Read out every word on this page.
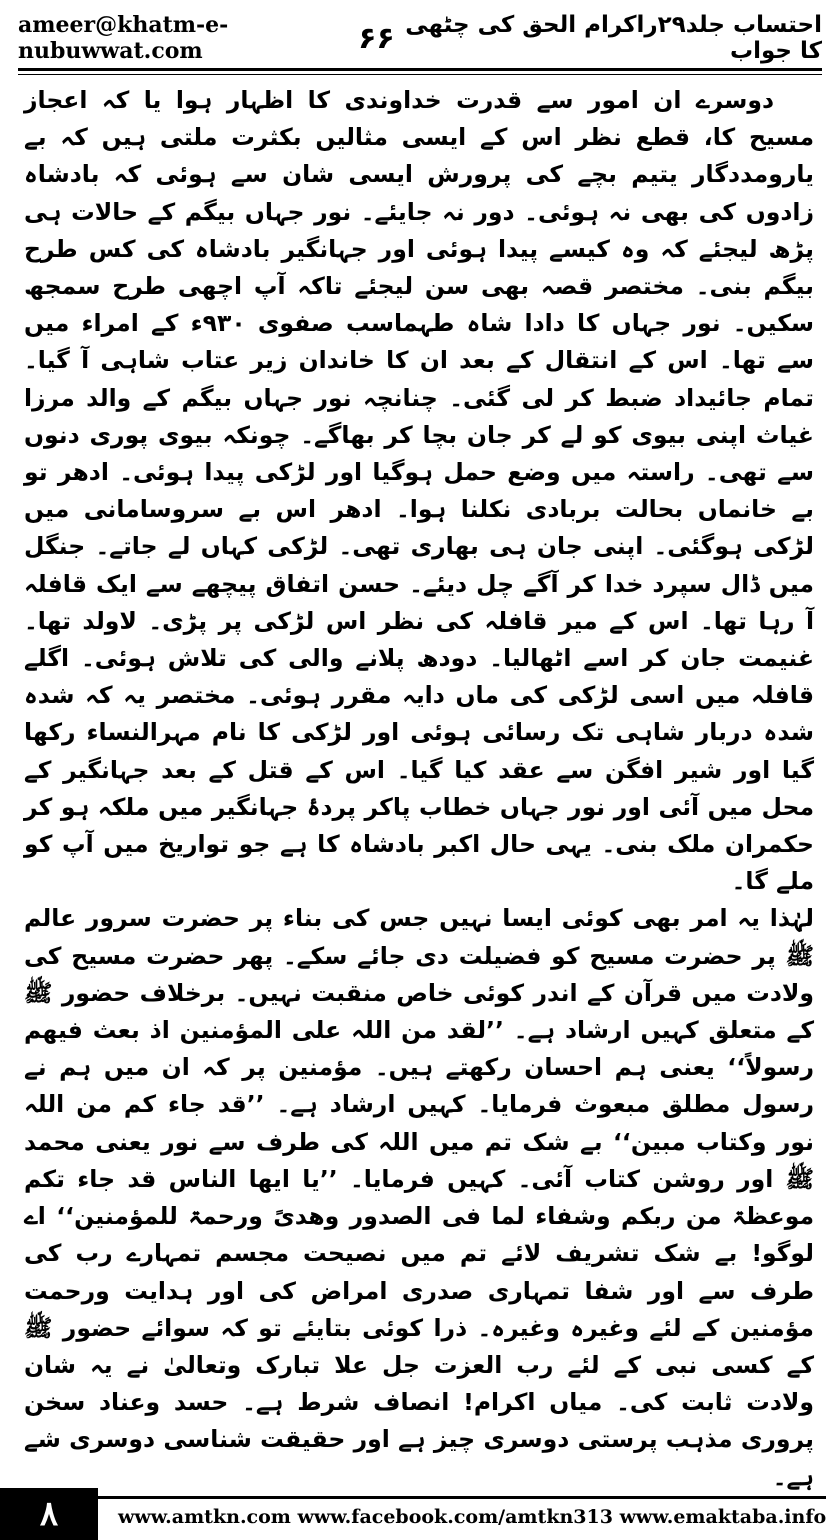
ameer@khatm-e-nubuwwat.com	۶۶ احتساب جلد۲۹راکرام الحق کی چٹھی کا جواب

دوسرے ان امور سے قدرت خداوندی کا اظہار ہوا یا کہ اعجاز مسیح کا، قطع نظر اس کے ایسی مثالیں بکثرت ملتی ہیں کہ بے یارومددگار یتیم بچے کی پرورش ایسی شان سے ہوئی کہ بادشاہ زادوں کی بھی نہ ہوئی۔ دور نہ جایئے۔ نور جہاں بیگم کے حالات ہی پڑھ لیجئے کہ وہ کیسے پیدا ہوئی اور جہانگیر بادشاہ کی کس طرح بیگم بنی۔ مختصر قصہ بھی سن لیجئے تاکہ آپ اچھی طرح سمجھ سکیں۔ نور جہاں کا دادا شاہ طہماسب صفوی ۹۳۰ء کے امراء میں سے تھا۔ اس کے انتقال کے بعد ان کا خاندان زیر عتاب شاہی آ گیا۔ تمام جائیداد ضبط کر لی گئی۔ چنانچہ نور جہاں بیگم کے والد مرزا غیاث اپنی بیوی کو لے کر جان بچا کر بھاگے۔ چونکہ بیوی پوری دنوں سے تھی۔ راستہ میں وضع حمل ہوگیا اور لڑکی پیدا ہوئی۔ ادھر تو بے خانماں بحالت بربادی نکلنا ہوا۔ ادھر اس بے سروسامانی میں لڑکی ہوگئی۔ اپنی جان ہی بھاری تھی۔ لڑکی کہاں لے جاتے۔ جنگل میں ڈال سپرد خدا کر آگے چل دیئے۔ حسن اتفاق پیچھے سے ایک قافلہ آ رہا تھا۔ اس کے میر قافلہ کی نظر اس لڑکی پر پڑی۔ لاولد تھا۔ غنیمت جان کر اسے اٹھالیا۔ دودھ پلانے والی کی تلاش ہوئی۔ اگلے قافلہ میں اسی لڑکی کی ماں دایہ مقرر ہوئی۔ مختصر یہ کہ شدہ شدہ دربار شاہی تک رسائی ہوئی اور لڑکی کا نام مہرالنساء رکھا گیا اور شیر افگن سے عقد کیا گیا۔ اس کے قتل کے بعد جہانگیر کے محل میں آئی اور نور جہاں خطاب پاکر پردۂ جہانگیر میں ملکہ ہو کر حکمران ملک بنی۔ یہی حال اکبر بادشاہ کا ہے جو تواریخ میں آپ کو ملے گا۔

لہٰذا یہ امر بھی کوئی ایسا نہیں جس کی بناء پر حضرت سرور عالم ﷺ پر حضرت مسیح کو فضیلت دی جائے سکے۔ پھر حضرت مسیح کی ولادت میں قرآن کے اندر کوئی خاص منقبت نہیں۔ برخلاف حضور ﷺ کے متعلق کہیں ارشاد ہے۔ ’’لقد من اللہ علی المؤمنین اذ بعث فیھم رسولاً‘‘ یعنی ہم احسان رکھتے ہیں۔ مؤمنین پر کہ ان میں ہم نے رسول مطلق مبعوث فرمایا۔ کہیں ارشاد ہے۔ ’’قد جاء کم من اللہ نور وکتاب مبین‘‘ بے شک تم میں اللہ کی طرف سے نور یعنی محمد ﷺ اور روشن کتاب آئی۔ کہیں فرمایا۔ ’’یا ایھا الناس قد جاء تکم موعظۃ من ربکم وشفاء لما فی الصدور وھدیً ورحمۃ للمؤمنین‘‘ اے لوگو! بے شک تشریف لائے تم میں نصیحت مجسم تمہارے رب کی طرف سے اور شفا تمہاری صدری امراض کی اور ہدایت ورحمت مؤمنین کے لئے وغیرہ وغیرہ۔ ذرا کوئی بتایئے تو کہ سوائے حضور ﷺ کے کسی نبی کے لئے رب العزت جل علا تبارک وتعالیٰ نے یہ شان ولادت ثابت کی۔ میاں اکرام! انصاف شرط ہے۔ حسد وعناد سخن پروری مذہب پرستی دوسری چیز ہے اور حقیقت شناسی دوسری شے ہے۔

۸	www.amtkn.com www.facebook.com/amtkn313 www.emaktaba.info
